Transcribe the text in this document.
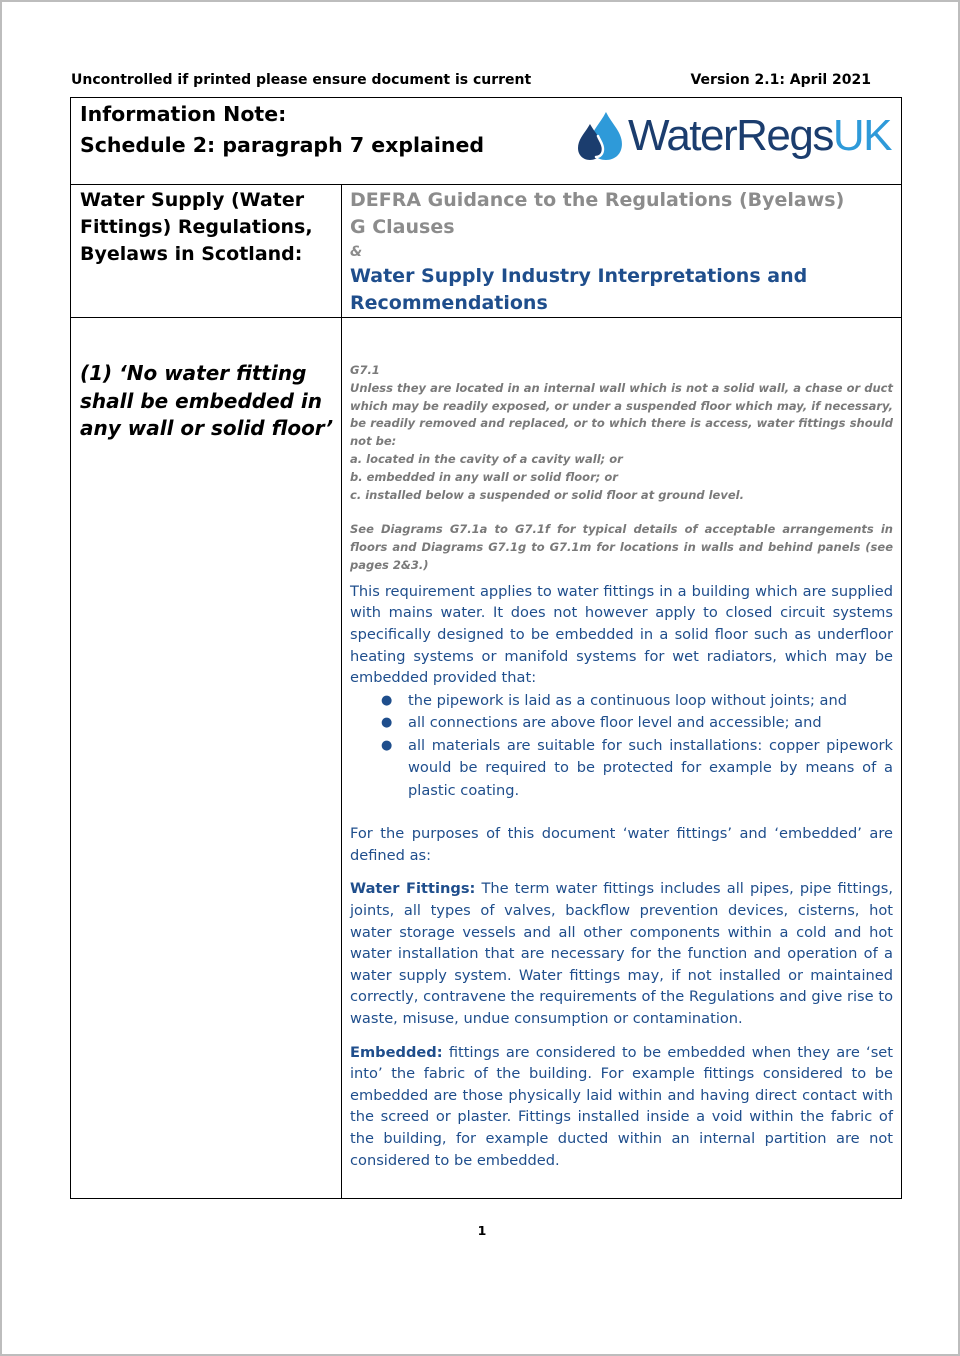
Uncontrolled if printed please ensure document is current	Version 2.1: April 2021
Information Note:
Schedule 2: paragraph 7 explained	WaterRegsUK
Water Supply (Water Fittings) Regulations, Byelaws in Scotland:
DEFRA Guidance to the Regulations (Byelaws)
G Clauses
&
Water Supply Industry Interpretations and Recommendations
(1) ‘No water fitting shall be embedded in any wall or solid floor’
G7.1
Unless they are located in an internal wall which is not a solid wall, a chase or duct which may be readily exposed, or under a suspended floor which may, if necessary, be readily removed and replaced, or to which there is access, water fittings should not be:
a. located in the cavity of a cavity wall; or
b. embedded in any wall or solid floor; or
c. installed below a suspended or solid floor at ground level.
See Diagrams G7.1a to G7.1f for typical details of acceptable arrangements in floors and Diagrams G7.1g to G7.1m for locations in walls and behind panels (see pages 2&3.)

This requirement applies to water fittings in a building which are supplied with mains water. It does not however apply to closed circuit systems specifically designed to be embedded in a solid floor such as underfloor heating systems or manifold systems for wet radiators, which may be embedded provided that:

● the pipework is laid as a continuous loop without joints; and
● all connections are above floor level and accessible; and
● all materials are suitable for such installations: copper pipework would be required to be protected for example by means of a plastic coating.

For the purposes of this document ‘water fittings’ and ‘embedded’ are defined as:

Water Fittings: The term water fittings includes all pipes, pipe fittings, joints, all types of valves, backflow prevention devices, cisterns, hot water storage vessels and all other components within a cold and hot water installation that are necessary for the function and operation of a water supply system. Water fittings may, if not installed or maintained correctly, contravene the requirements of the Regulations and give rise to waste, misuse, undue consumption or contamination.

Embedded: fittings are considered to be embedded when they are ‘set into’ the fabric of the building. For example fittings considered to be embedded are those physically laid within and having direct contact with the screed or plaster. Fittings installed inside a void within the fabric of the building, for example ducted within an internal partition are not considered to be embedded.

1
